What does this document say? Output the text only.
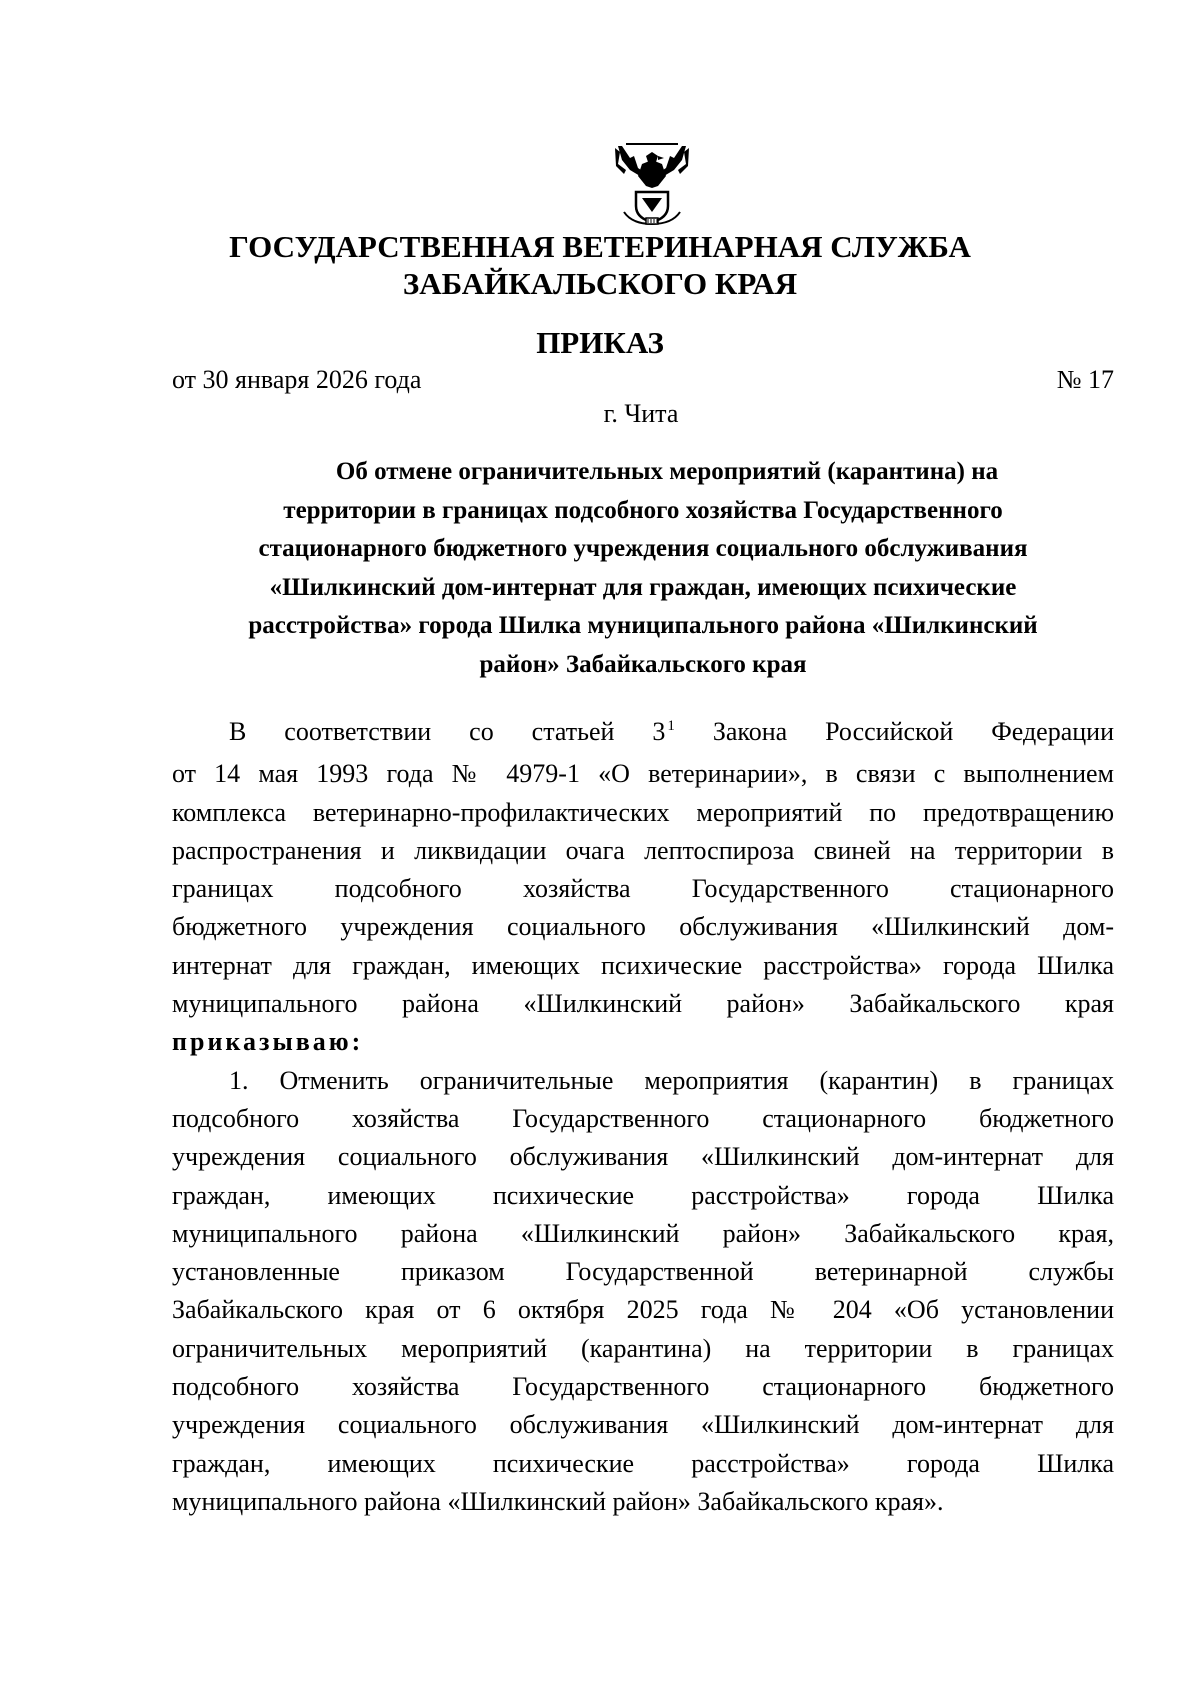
ГОСУДАРСТВЕННАЯ ВЕТЕРИНАРНАЯ СЛУЖБА
ЗАБАЙКАЛЬСКОГО КРАЯ
ПРИКАЗ
от 30 января 2026 года	№ 17
г. Чита
Об отмене ограничительных мероприятий (карантина) на
территории в границах подсобного хозяйства Государственного
стационарного бюджетного учреждения социального обслуживания
«Шилкинский дом-интернат для граждан, имеющих психические
расстройства» города Шилка муниципального района «Шилкинский
район» Забайкальского края
В соответствии со статьей 3 $^1$ Закона Российской Федерации
от 14 мая 1993 года № 4979-1 «О ветеринарии», в связи с выполнением
комплекса ветеринарно-профилактических мероприятий по предотвращению
распространения и ликвидации очага лептоспироза свиней на территории в
границах подсобного хозяйства Государственного стационарного
бюджетного учреждения социального обслуживания «Шилкинский дом-
интернат для граждан, имеющих психические расстройства» города Шилка
муниципального района «Шилкинский район» Забайкальского края
приказываю:
1. Отменить ограничительные мероприятия (карантин) в границах
подсобного хозяйства Государственного стационарного бюджетного
учреждения социального обслуживания «Шилкинский дом-интернат для
граждан, имеющих психические расстройства» города Шилка
муниципального района «Шилкинский район» Забайкальского края,
установленные приказом Государственной ветеринарной службы
Забайкальского края от 6 октября 2025 года № 204 «Об установлении
ограничительных мероприятий (карантина) на территории в границах
подсобного хозяйства Государственного стационарного бюджетного
учреждения социального обслуживания «Шилкинский дом-интернат для
граждан, имеющих психические расстройства» города Шилка
муниципального района «Шилкинский район» Забайкальского края».
